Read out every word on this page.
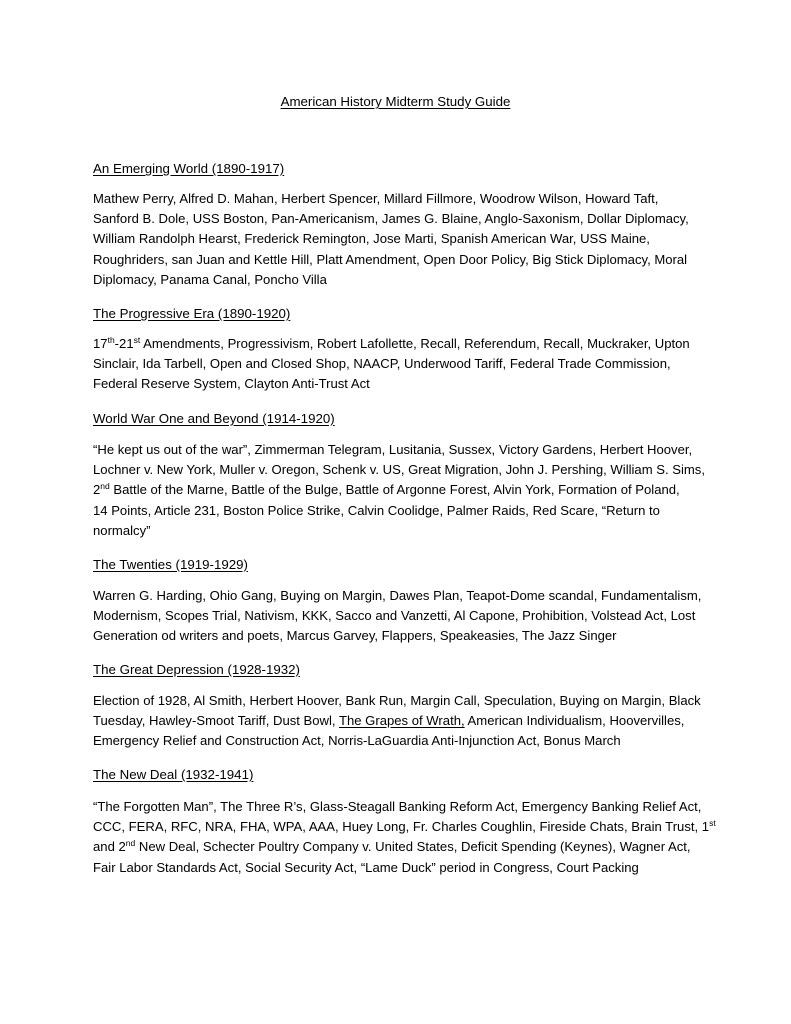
American History Midterm Study Guide

An Emerging World (1890-1917)

Mathew Perry, Alfred D. Mahan, Herbert Spencer, Millard Fillmore, Woodrow Wilson, Howard Taft,
Sanford B. Dole, USS Boston, Pan-Americanism, James G. Blaine, Anglo-Saxonism, Dollar Diplomacy,
William Randolph Hearst, Frederick Remington, Jose Marti, Spanish American War, USS Maine,
Roughriders, san Juan and Kettle Hill, Platt Amendment, Open Door Policy, Big Stick Diplomacy, Moral
Diplomacy, Panama Canal, Poncho Villa

The Progressive Era (1890-1920)

17th-21st Amendments, Progressivism, Robert Lafollette, Recall, Referendum, Recall, Muckraker, Upton
Sinclair, Ida Tarbell, Open and Closed Shop, NAACP, Underwood Tariff, Federal Trade Commission,
Federal Reserve System, Clayton Anti-Trust Act

World War One and Beyond (1914-1920)

“He kept us out of the war”, Zimmerman Telegram, Lusitania, Sussex, Victory Gardens, Herbert Hoover,
Lochner v. New York, Muller v. Oregon, Schenk v. US, Great Migration, John J. Pershing, William S. Sims,
2nd Battle of the Marne, Battle of the Bulge, Battle of Argonne Forest, Alvin York, Formation of Poland,
14 Points, Article 231, Boston Police Strike, Calvin Coolidge, Palmer Raids, Red Scare, “Return to
normalcy”

The Twenties (1919-1929)

Warren G. Harding, Ohio Gang, Buying on Margin, Dawes Plan, Teapot-Dome scandal, Fundamentalism,
Modernism, Scopes Trial, Nativism, KKK, Sacco and Vanzetti, Al Capone, Prohibition, Volstead Act, Lost
Generation od writers and poets, Marcus Garvey, Flappers, Speakeasies, The Jazz Singer

The Great Depression (1928-1932)

Election of 1928, Al Smith, Herbert Hoover, Bank Run, Margin Call, Speculation, Buying on Margin, Black
Tuesday, Hawley-Smoot Tariff, Dust Bowl, The Grapes of Wrath, American Individualism, Hoovervilles,
Emergency Relief and Construction Act, Norris-LaGuardia Anti-Injunction Act, Bonus March

The New Deal (1932-1941)

“The Forgotten Man”, The Three R’s, Glass-Steagall Banking Reform Act, Emergency Banking Relief Act,
CCC, FERA, RFC, NRA, FHA, WPA, AAA, Huey Long, Fr. Charles Coughlin, Fireside Chats, Brain Trust, 1st
and 2nd New Deal, Schecter Poultry Company v. United States, Deficit Spending (Keynes), Wagner Act,
Fair Labor Standards Act, Social Security Act, “Lame Duck” period in Congress, Court Packing
